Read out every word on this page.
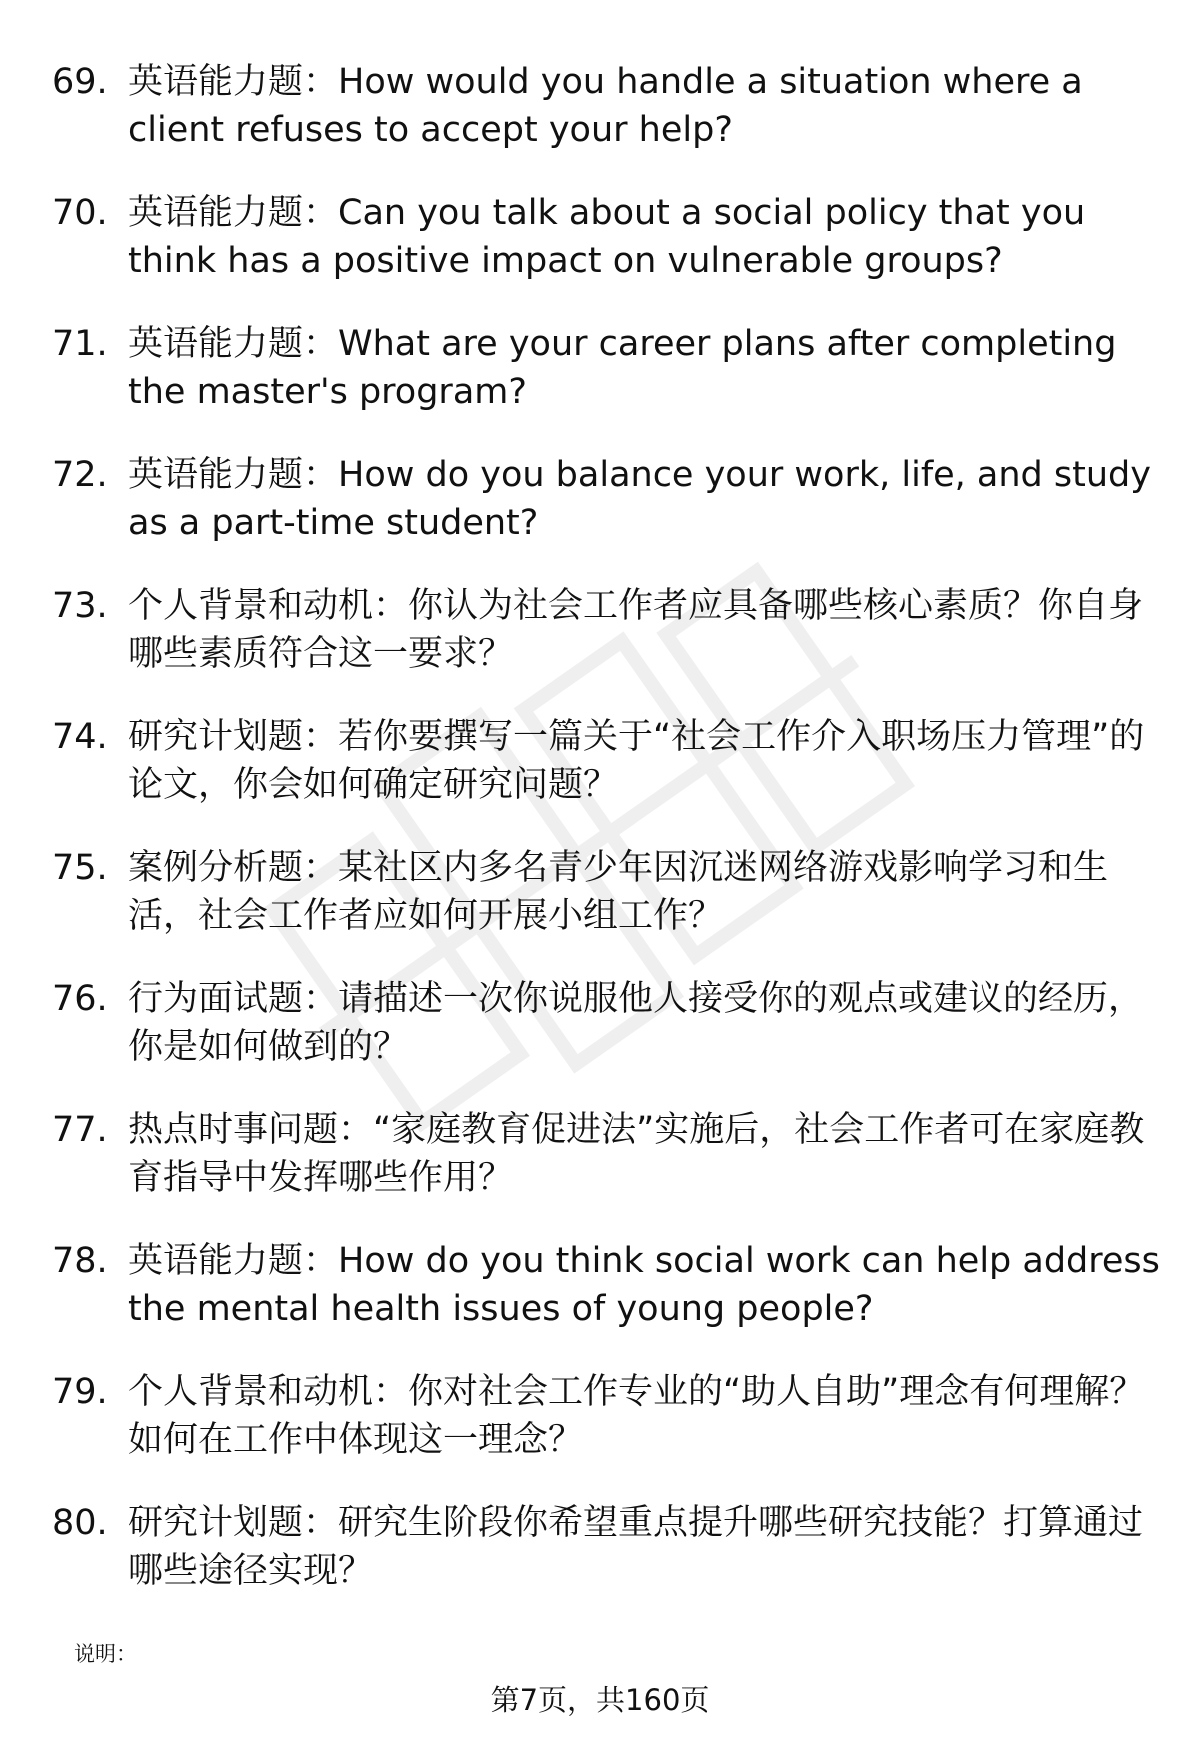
69. 英语能力题：How would you handle a situation where a client refuses to accept your help?
70. 英语能力题：Can you talk about a social policy that you think has a positive impact on vulnerable groups?
71. 英语能力题：What are your career plans after completing the master's program?
72. 英语能力题：How do you balance your work, life, and study as a part-time student?
73. 个人背景和动机：你认为社会工作者应具备哪些核心素质？你自身哪些素质符合这一要求？
74. 研究计划题：若你要撰写一篇关于“社会工作介入职场压力管理”的论文，你会如何确定研究问题？
75. 案例分析题：某社区内多名青少年因沉迷网络游戏影响学习和生活，社会工作者应如何开展小组工作？
76. 行为面试题：请描述一次你说服他人接受你的观点或建议的经历，你是如何做到的？
77. 热点时事问题：“家庭教育促进法”实施后，社会工作者可在家庭教育指导中发挥哪些作用？
78. 英语能力题：How do you think social work can help address the mental health issues of young people?
79. 个人背景和动机：你对社会工作专业的“助人自助”理念有何理解？如何在工作中体现这一理念？
80. 研究计划题：研究生阶段你希望重点提升哪些研究技能？打算通过哪些途径实现？
说明：
第7页，共160页
